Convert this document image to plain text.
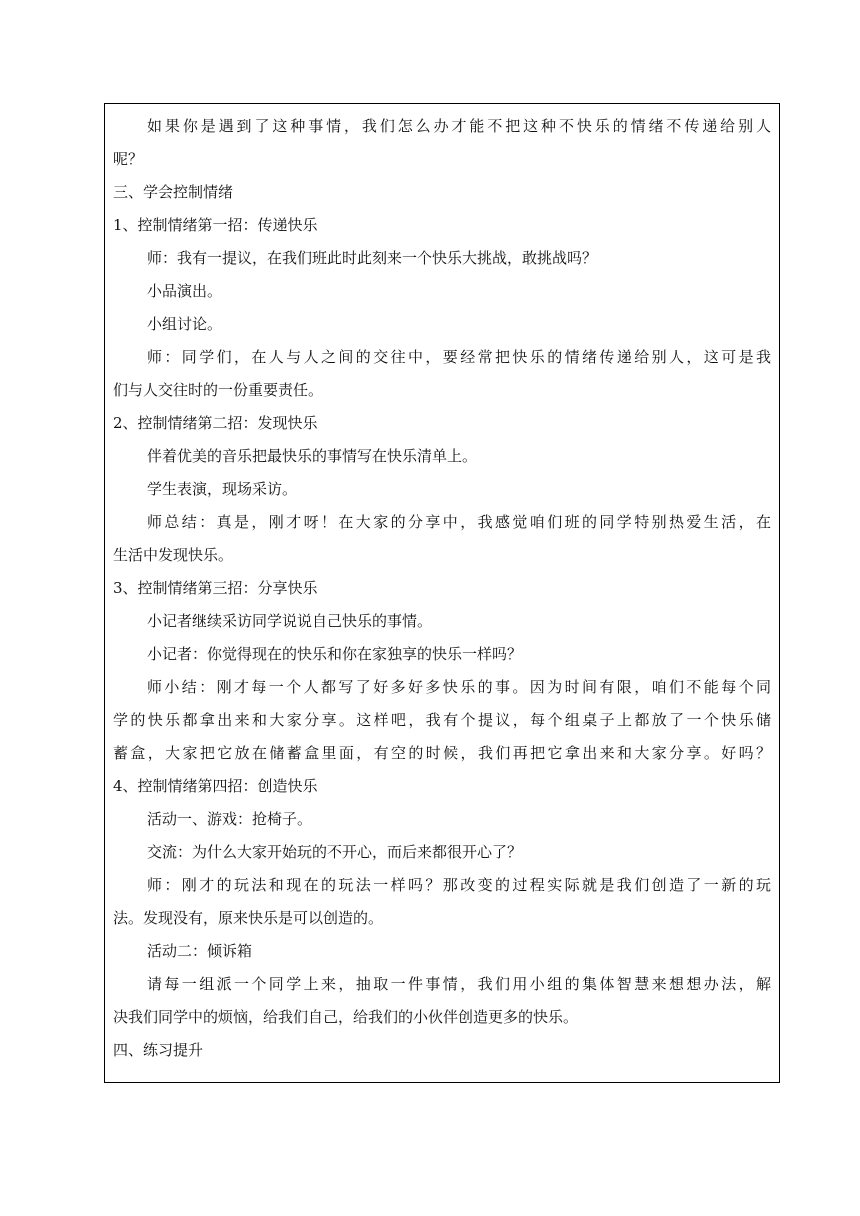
如果你是遇到了这种事情，我们怎么办才能不把这种不快乐的情绪不传递给别人
呢？
三、学会控制情绪
1、控制情绪第一招：传递快乐
师：我有一提议，在我们班此时此刻来一个快乐大挑战，敢挑战吗？
小品演出。
小组讨论。
师：同学们，在人与人之间的交往中，要经常把快乐的情绪传递给别人，这可是我
们与人交往时的一份重要责任。
2、控制情绪第二招：发现快乐
伴着优美的音乐把最快乐的事情写在快乐清单上。
学生表演，现场采访。
师总结：真是，刚才呀！在大家的分享中，我感觉咱们班的同学特别热爱生活，在
生活中发现快乐。
3、控制情绪第三招：分享快乐
小记者继续采访同学说说自己快乐的事情。
小记者：你觉得现在的快乐和你在家独享的快乐一样吗？
师小结：刚才每一个人都写了好多好多快乐的事。因为时间有限，咱们不能每个同
学的快乐都拿出来和大家分享。这样吧，我有个提议，每个组桌子上都放了一个快乐储
蓄盒，大家把它放在储蓄盒里面，有空的时候，我们再把它拿出来和大家分享。好吗？
4、控制情绪第四招：创造快乐
活动一、游戏：抢椅子。
交流：为什么大家开始玩的不开心，而后来都很开心了？
师：刚才的玩法和现在的玩法一样吗？那改变的过程实际就是我们创造了一新的玩
法。发现没有，原来快乐是可以创造的。
活动二：倾诉箱
请每一组派一个同学上来，抽取一件事情，我们用小组的集体智慧来想想办法，解
决我们同学中的烦恼，给我们自己，给我们的小伙伴创造更多的快乐。
四、练习提升
